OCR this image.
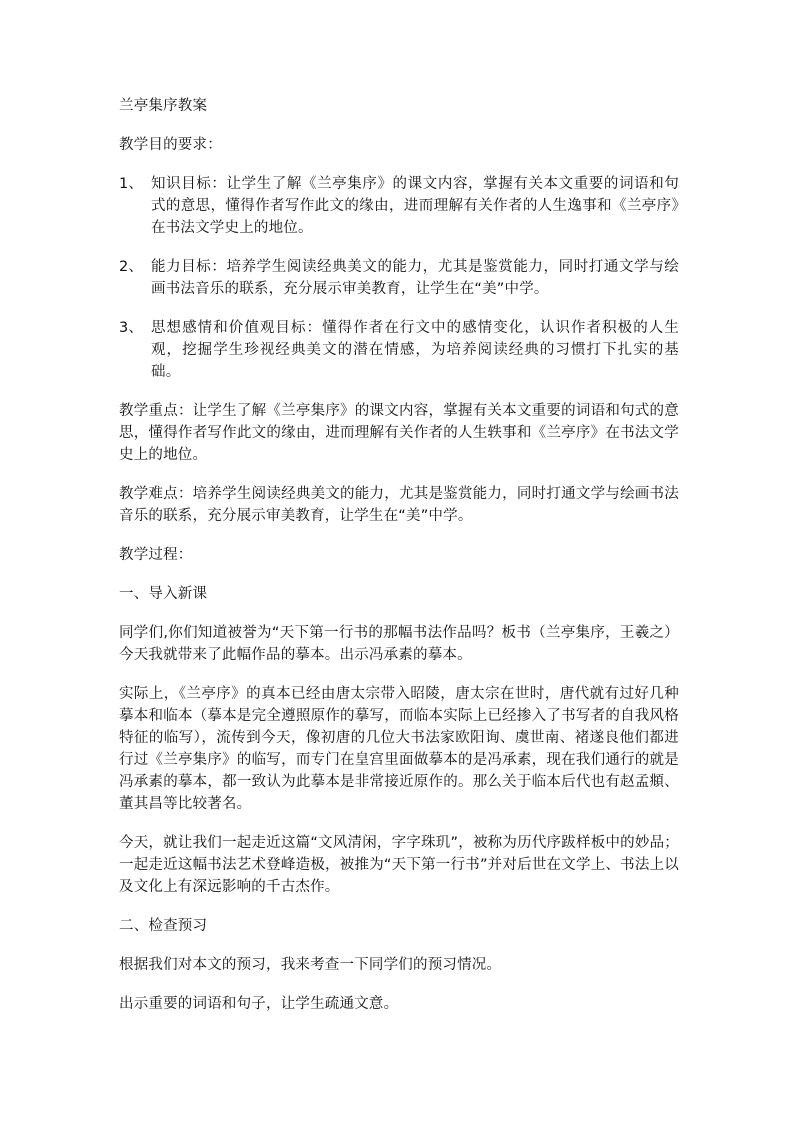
兰亭集序教案

教学目的要求：

1、 知识目标：让学生了解《兰亭集序》的课文内容，掌握有关本文重要的词语和句式的意思，懂得作者写作此文的缘由，进而理解有关作者的人生逸事和《兰亭序》在书法文学史上的地位。
2、 能力目标：培养学生阅读经典美文的能力，尤其是鉴赏能力，同时打通文学与绘画书法音乐的联系，充分展示审美教育，让学生在“美”中学。
3、 思想感情和价值观目标：懂得作者在行文中的感情变化，认识作者积极的人生观，挖掘学生珍视经典美文的潜在情感，为培养阅读经典的习惯打下扎实的基础。

教学重点：让学生了解《兰亭集序》的课文内容，掌握有关本文重要的词语和句式的意思，懂得作者写作此文的缘由，进而理解有关作者的人生轶事和《兰亭序》在书法文学史上的地位。

教学难点：培养学生阅读经典美文的能力，尤其是鉴赏能力，同时打通文学与绘画书法音乐的联系，充分展示审美教育，让学生在“美”中学。

教学过程：

一、导入新课

同学们,你们知道被誉为“天下第一行书的那幅书法作品吗？板书（兰亭集序，王羲之）今天我就带来了此幅作品的摹本。出示冯承素的摹本。

实际上，《兰亭序》的真本已经由唐太宗带入昭陵，唐太宗在世时，唐代就有过好几种摹本和临本（摹本是完全遵照原作的摹写，而临本实际上已经掺入了书写者的自我风格特征的临写），流传到今天，像初唐的几位大书法家欧阳询、虞世南、褚遂良他们都进行过《兰亭集序》的临写，而专门在皇宫里面做摹本的是冯承素，现在我们通行的就是冯承素的摹本，都一致认为此摹本是非常接近原作的。那么关于临本后代也有赵孟頫、董其昌等比较著名。

今天，就让我们一起走近这篇“文风清闲，字字珠玑”，被称为历代序跋样板中的妙品；一起走近这幅书法艺术登峰造极，被推为“天下第一行书”并对后世在文学上、书法上以及文化上有深远影响的千古杰作。

二、检查预习

根据我们对本文的预习，我来考查一下同学们的预习情况。

出示重要的词语和句子，让学生疏通文意。
